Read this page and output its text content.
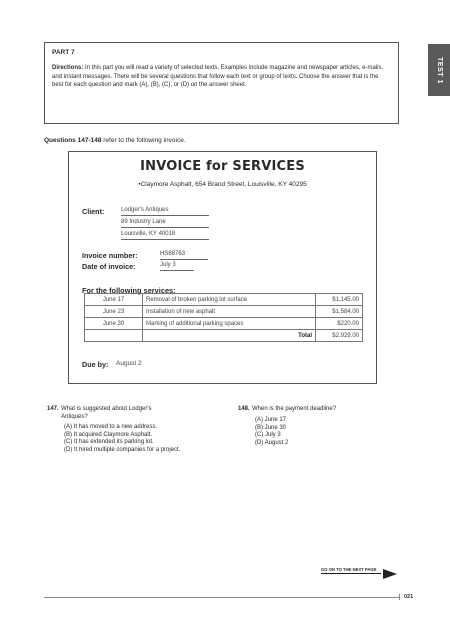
TEST 1

PART 7

Directions: In this part you will read a variety of selected texts. Examples include magazine and newspaper articles, e-mails, and instant messages. There will be several questions that follow each text or group of texts. Choose the answer that is the best for each question and mark (A), (B), (C), or (D) on the answer sheet.

Questions 147-148 refer to the following invoice.
INVOICE for SERVICES
•Claymore Asphalt, 654 Brand Street, Louisville, KY 40295
Client:	Lodger's Antiques
89 Industry Lane
Louisville, KY 40018
Invoice number:	HS68763
Date of invoice:	July 3
For the following services:
June 17	Removal of broken parking lot surface	$1,145.00
June 23	Installation of new asphalt	$1,584.00
June 30	Marking of additional parking spaces	$220.00
	Total	$2,929.00
Due by: August 2
147. What is suggested about Lodger's Antiques?
(A) It has moved to a new address.
(B) It acquired Claymore Asphalt.
(C) It has extended its parking lot.
(D) It hired multiple companies for a project.
148. When is the payment deadline?
(A) June 17
(B) June 30
(C) July 3
(D) August 2
GO ON TO THE NEXT PAGE
021
